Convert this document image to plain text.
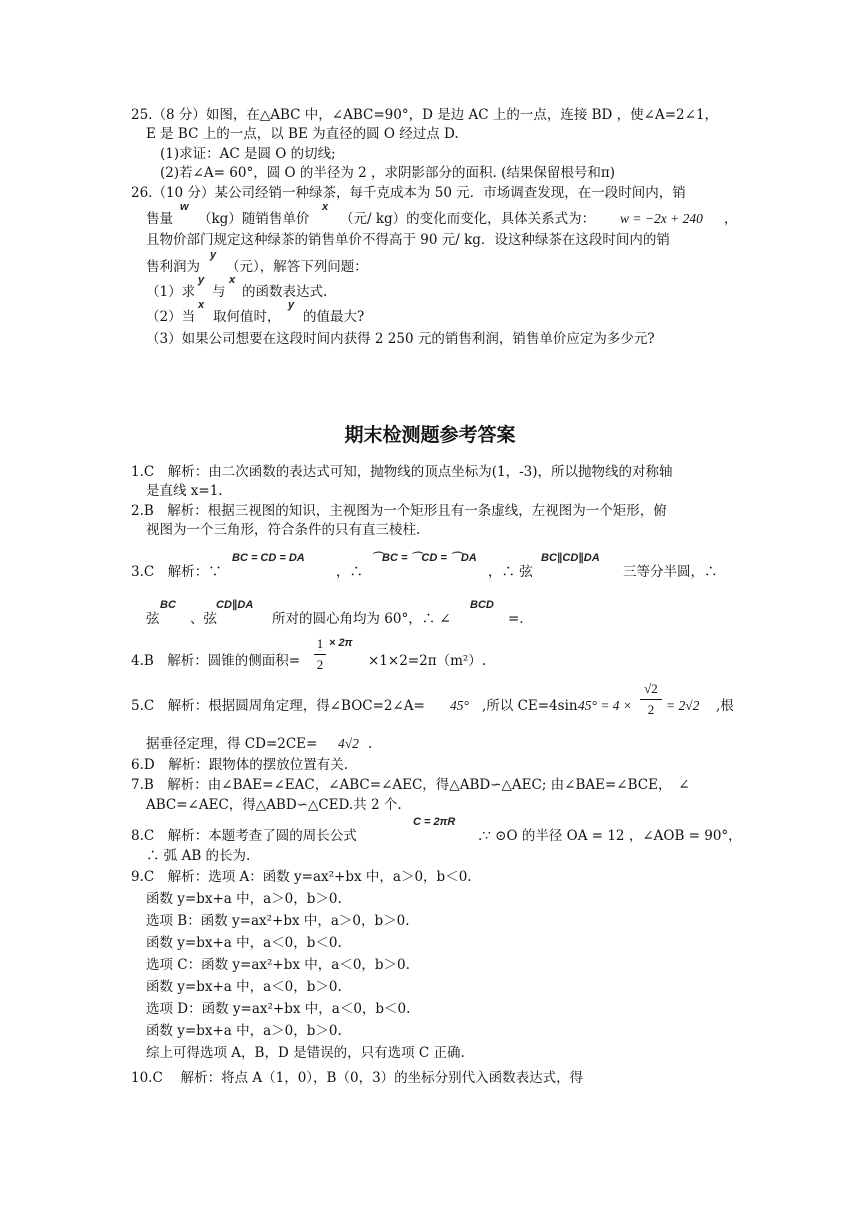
25.（8 分）如图，在△ABC 中，∠ABC=90°，D 是边 AC 上的一点，连接 BD ，使∠A=2∠1，
E 是 BC 上的一点，以 BE 为直径的圆 O 经过点 D.
(1)求证：AC 是圆 O 的切线;
(2)若∠A= 60°，圆 O 的半径为 2 ，求阴影部分的面积. (结果保留根号和π)
26.（10 分）某公司经销一种绿茶，每千克成本为 50 元．市场调查发现，在一段时间内，销
售量
w
（kg）随销售单价
x
（元/ kg）的变化而变化，具体关系式为： w = −2x + 240 ，
且物价部门规定这种绿茶的销售单价不得高于 90 元/ kg．设这种绿茶在这段时间内的销
售利润为
y
（元），解答下列问题：
（1）求
y
与
x
的函数表达式.
（2）当
x
取何值时，
y
的值最大?
（3）如果公司想要在这段时间内获得 2 250 元的销售利润，销售单价应定为多少元?
期末检测题参考答案
1.C　解析：由二次函数的表达式可知，抛物线的顶点坐标为(1，-3)，所以抛物线的对称轴
是直线 x=1.
2.B　解析：根据三视图的知识，主视图为一个矩形且有一条虚线，左视图为一个矩形，俯
视图为一个三角形，符合条件的只有直三棱柱.
3.C　解析：∵
BC = CD = DA
，∴
⌒BC = ⌒CD = ⌒DA
，∴ 弦
BC∥CD∥DA
三等分半圆，∴
弦
BC
、弦
CD∥DA
所对的圆心角均为 60°，∴ ∠
BCD
=.
4.B　解析：圆锥的侧面积=
1
2
× 2π
×1×2=2π（m²）.
5.C　解析：根据圆周角定理，得∠BOC=2∠A= 45° ,所以 CE=4sin 45° = 4 ×
√2
2 = 2√2 ,根
据垂径定理，得 CD=2CE= 4√2 .
6.D　解析：跟物体的摆放位置有关.
7.B　解析：由∠BAE=∠EAC，∠ABC=∠AEC，得△ABD∽△AEC; 由∠BAE=∠BCE，　∠
ABC=∠AEC，得△ABD∽△CED.共 2 个.
8.C　解析：本题考查了圆的周长公式
C = 2πR
.∵ ⊙O 的半径 OA = 12 ，∠AOB = 90°，
∴ 弧 AB 的长为.
9.C　解析：选项 A：函数 y=ax²+bx 中，a＞0，b＜0.
函数 y=bx+a 中，a＞0，b＞0.
选项 B：函数 y=ax²+bx 中，a＞0，b＞0.
函数 y=bx+a 中，a＜0，b＜0.
选项 C：函数 y=ax²+bx 中，a＜0，b＞0.
函数 y=bx+a 中，a＜0，b＞0.
选项 D：函数 y=ax²+bx 中，a＜0，b＜0.
函数 y=bx+a 中，a＞0，b＞0.
综上可得选项 A，B，D 是错误的，只有选项 C 正确.
10.C　 解析：将点 A（1，0），B（0，3）的坐标分别代入函数表达式，得
